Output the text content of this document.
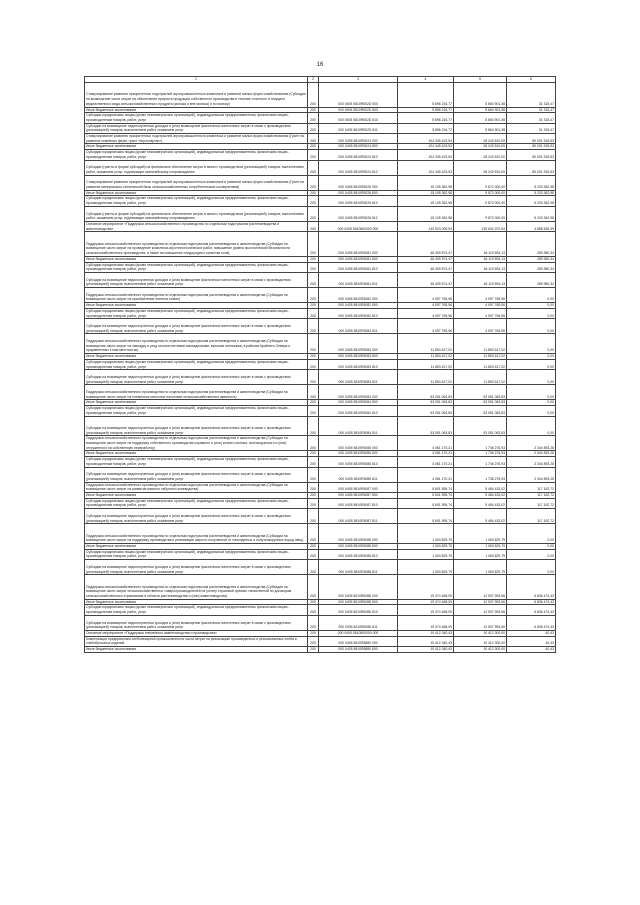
16
1	2	3	4	5	6
Стимулирование развития приоритетных подотраслей агропромышленного комплекса и развитие малых форм хозяйствования (Субсидия на возмещение части затрат на обеспечение прироста продукции собственного производства в течение отчетного и текущего ведомственного вида сельскохозяйственного продукта (молока и вне молока) и по молоку)	200	000 0405 5810R502D 000	5 896 216,77	5 864 901,38	31 315,47
Иные бюджетные ассигнования	200	000 0405 5810R502D 800	5 896 216,77	5 864 901,38	31 315,47
Субсидии юридическим лицам (кроме некоммерческих организаций), индивидуальным предпринимателям, физическим лицам - производителям товаров, работ, услуг	200	000 0405 5810R502D 810	5 896 216,77	5 864 901,38	31 315,47
Субсидии на возмещение недополученных доходов и (или) возмещение фактически понесенных затрат в связи с производством (реализацией) товаров, выполнением работ, оказанием услуг	200	000 0405 5810R502D 811	5 896 216,77	5 864 901,38	31 315,47
Стимулирование развития приоритетных подотраслей агропромышленного комплекса и развитие малых форм хозяйствования (Грант на развитие семейных ферм, грант «Агростартап»)	200	000 0405 5810R5024 000	104 345 423,53	28 243 510,00	80 001 915,53
Иные бюджетные ассигнования	200	000 0405 5810R5024 800	104 345 423,53	28 243 510,00	80 001 915,53
Субсидии юридическим лицам (кроме некоммерческих организаций), индивидуальным предпринимателям, физическим лицам - производителям товаров, работ, услуг	200	000 0405 5810R5024 810	104 345 423,53	28 243 510,00	80 001 915,53
Субсидии (гранты в форме субсидий) на финансовое обеспечение затрат в связи с производством (реализацией) товаров, выполнением работ, оказанием услуг, подлежащие казначейскому сопровождению	200	000 0405 5810R5024 812	104 345 423,53	28 243 510,00	80 001 915,53
Стимулирование развития приоритетных подотраслей агропромышленного комплекса и развитие малых форм хозяйствования (Грант на развитие материально-технической базы сельскохозяйственных потребительских кооперативов)	200	000 0405 5810R5026 000	15 105 362,98	9 872 000,00	5 233 362,98
Иные бюджетные ассигнования	200	000 0405 5810R5026 800	15 105 362,98	9 872 000,00	5 233 362,98
Субсидии юридическим лицам (кроме некоммерческих организаций), индивидуальным предпринимателям, физическим лицам - производителям товаров, работ, услуг	200	000 0405 5810R5026 810	15 105 362,98	9 872 000,00	5 233 362,98
Субсидии (гранты в форме субсидий) на финансовое обеспечение затрат в связи с производством (реализацией) товаров, выполнением работ, оказанием услуг, подлежащие казначейскому сопровождению	200	000 0405 5810R5026 812	15 105 362,98	9 872 000,00	5 233 362,98
Основное мероприятие «Поддержка сельскохозяйственного производства по отдельным подотраслям растениеводства и животноводства»	200	000 0405 5810600000 000	140 523 005,93	135 634 370,54	4 888 635,39
Поддержка сельскохозяйственного производства по отдельным подотраслям растениеводства и животноводства (Субсидии на возмещение части затрат на проведение комплекса агротехнологических работ, повышение уровня экологической безопасности сельскохозяйственного производства, а также на повышение плодородия и качества почв)	200	000 0405 5810R5081 000	46 409 574,47	46 119 594,13	289 980,34
Иные бюджетные ассигнования	200	000 0405 5810R5081 800	46 409 574,47	46 119 594,13	289 980,34
Субсидии юридическим лицам (кроме некоммерческих организаций), индивидуальным предпринимателям, физическим лицам - производителям товаров, работ, услуг	200	000 0405 5810R5081 810	46 409 574,47	46 119 594,13	289 980,34
Субсидии на возмещение недополученных доходов и (или) возмещение фактически понесенных затрат в связи с производством (реализацией) товаров, выполнением работ, оказанием услуг	200	000 0405 5810R5081 811	46 409 574,47	46 119 594,13	289 980,34
Поддержка сельскохозяйственного производства по отдельным подотраслям растениеводства и животноводства (Субсидии на возмещение части затрат на приобретение элитных семян)	200	000 0405 5810R5082 000	4 097 765,96	4 097 765,96	0,00
Иные бюджетные ассигнования	200	000 0405 5810R5082 800	4 097 765,96	4 097 765,96	0,00
Субсидии юридическим лицам (кроме некоммерческих организаций), индивидуальным предпринимателям, физическим лицам - производителям товаров, работ, услуг	200	000 0405 5810R5082 810	4 097 765,96	4 097 765,96	0,00
Субсидии на возмещение недополученных доходов и (или) возмещение фактически понесенных затрат в связи с производством (реализацией) товаров, выполнением работ, оказанием услуг	200	000 0405 5810R5082 811	4 097 765,96	4 097 765,96	0,00
Поддержка сельскохозяйственного производства по отдельным подотраслям растениеводства и животноводства (Субсидии на возмещение части затрат на закладку и уход за многолетними насаждениями, включая питомники, в районах Крайнего Севера и приравненных к ним местностях)	200	000 0405 5810R5083 000	11 853 617,02	11 853 617,02	0,00
Иные бюджетные ассигнования	200	000 0405 5810R5083 800	11 853 617,02	11 853 617,02	0,00
Субсидии юридическим лицам (кроме некоммерческих организаций), индивидуальным предпринимателям, физическим лицам - производителям товаров, работ, услуг	200	000 0405 5810R5083 810	11 853 617,02	11 853 617,02	0,00
Субсидии на возмещение недополученных доходов и (или) возмещение фактически понесенных затрат в связи с производством (реализацией) товаров, выполнением работ, оказанием услуг	200	000 0405 5810R5083 811	11 853 617,02	11 853 617,02	0,00
Поддержка сельскохозяйственного производства по отдельным подотраслям растениеводства и животноводства (Субсидии на возмещение части затрат на племенное маточное поголовье сельскохозяйственных животных)	200	000 0405 5810R5084 000	53 051 063,83	53 051 063,83	0,00
Иные бюджетные ассигнования	200	000 0405 5810R5084 800	53 051 063,83	53 051 063,83	0,00
Субсидии юридическим лицам (кроме некоммерческих организаций), индивидуальным предпринимателям, физическим лицам - производителям товаров, работ, услуг	200	000 0405 5810R5084 810	53 051 063,83	53 051 063,83	0,00
Субсидии на возмещение недополученных доходов и (или) возмещение фактически понесенных затрат в связи с производством (реализацией) товаров, выполнением работ, оказанием услуг	200	000 0405 5810R5084 811	53 051 063,83	53 051 063,83	0,00
Поддержка сельскохозяйственного производства по отдельным подотраслям растениеводства и животноводства (Субсидии на возмещение части затрат на поддержку собственного производства коровьего и (или) козьего молока, скотоводческого и (или) отгруженного на собственную переработку)	200	000 0405 5810R5086 000	4 081 170,21	1 736 276,93	2 344 893,28
Иные бюджетные ассигнования	200	000 0405 5810R5086 800	4 081 170,21	1 736 276,93	2 344 893,28
Субсидии юридическим лицам (кроме некоммерческих организаций), индивидуальным предпринимателям, физическим лицам - производителям товаров, работ, услуг	200	000 0405 5810R5086 810	4 081 170,21	1 736 276,93	2 344 893,28
Субсидии на возмещение недополученных доходов и (или) возмещение фактически понесенных затрат в связи с производством (реализацией) товаров, выполнением работ, оказанием услуг	200	000 0405 5810R5086 811	4 081 170,21	1 736 276,93	2 344 893,28
Поддержка сельскохозяйственного производства по отдельным подотраслям растениеводства и животноводства (Субсидии на возмещение части затрат на развитие мясного табунного коневодства)	200	000 0405 5810R5087 000	5 601 595,74	5 484 433,02	117 162,72
Иные бюджетные ассигнования	200	000 0405 5810R5087 800	5 601 595,74	5 484 433,02	117 162,72
Субсидии юридическим лицам (кроме некоммерческих организаций), индивидуальным предпринимателям, физическим лицам - производителям товаров, работ, услуг	200	000 0405 5810R5087 810	5 601 595,74	5 484 433,02	117 162,72
Субсидии на возмещение недополученных доходов и (или) возмещение фактически понесенных затрат в связи с производством (реализацией) товаров, выполнением работ, оказанием услуг	200	000 0405 5810R5087 811	5 601 595,74	5 484 433,02	117 162,72
Поддержка сельскохозяйственного производства по отдельным подотраслям растениеводства и животноводства (Субсидии на возмещение части затрат на поддержку производства и реализации шерсти, полученной от тонкорунных и полутонкорунных пород овец)	200	000 0405 5810R5088 000	1 063 829,79	1 063 829,79	0,00
Иные бюджетные ассигнования	200	000 0405 5810R5088 800	1 063 829,79	1 063 829,79	0,00
Субсидии юридическим лицам (кроме некоммерческих организаций), индивидуальным предпринимателям, физическим лицам - производителям товаров, работ, услуг	200	000 0405 5810R5088 810	1 063 829,79	1 063 829,79	0,00
Субсидии на возмещение недополученных доходов и (или) возмещение фактически понесенных затрат в связи с производством (реализацией) товаров, выполнением работ, оказанием услуг	200	000 0405 5810R5088 811	1 063 829,79	1 063 829,79	0,00
Поддержка сельскохозяйственного производства по отдельным подотраслям растениеводства и животноводства (Субсидии на возмещение части затрат сельскохозяйственных товаропроизводителей на уплату страховой премии, начисленной по договорам сельскохозяйственного страхования в области растениеводства и (или) животноводства)	200	000 0405 5810R508Б 000	19 374 468,09	12 537 993,66	6 836 474,43
Иные бюджетные ассигнования	200	000 0405 5810R508Б 800	19 374 468,09	12 537 993,66	6 836 474,43
Субсидии юридическим лицам (кроме некоммерческих организаций), индивидуальным предпринимателям, физическим лицам - производителям товаров, работ, услуг	200	000 0405 5810R508Б 810	19 374 468,09	12 537 993,66	6 836 474,43
Субсидии на возмещение недополученных доходов и (или) возмещение фактически понесенных затрат в связи с производством (реализацией) товаров, выполнением работ, оказанием услуг	200	000 0405 5810R508Б 811	19 374 468,09	12 537 993,66	6 836 474,43
Основное мероприятие «Поддержка племенного животноводства и производства»	200	000 0405 5810800000 000	10 412 340,43	10 412 300,00	40,43
Компенсация предприятиям хлебопекарной промышленности части затрат на реализацию произведенных и реализованных хлеба и хлебобулочных изделий	200	000 0405 5810R8880 000	10 412 340,43	10 412 300,00	40,43
Иные бюджетные ассигнования	200	000 0405 5810R8880 800	10 412 340,43	10 412 300,00	40,43
